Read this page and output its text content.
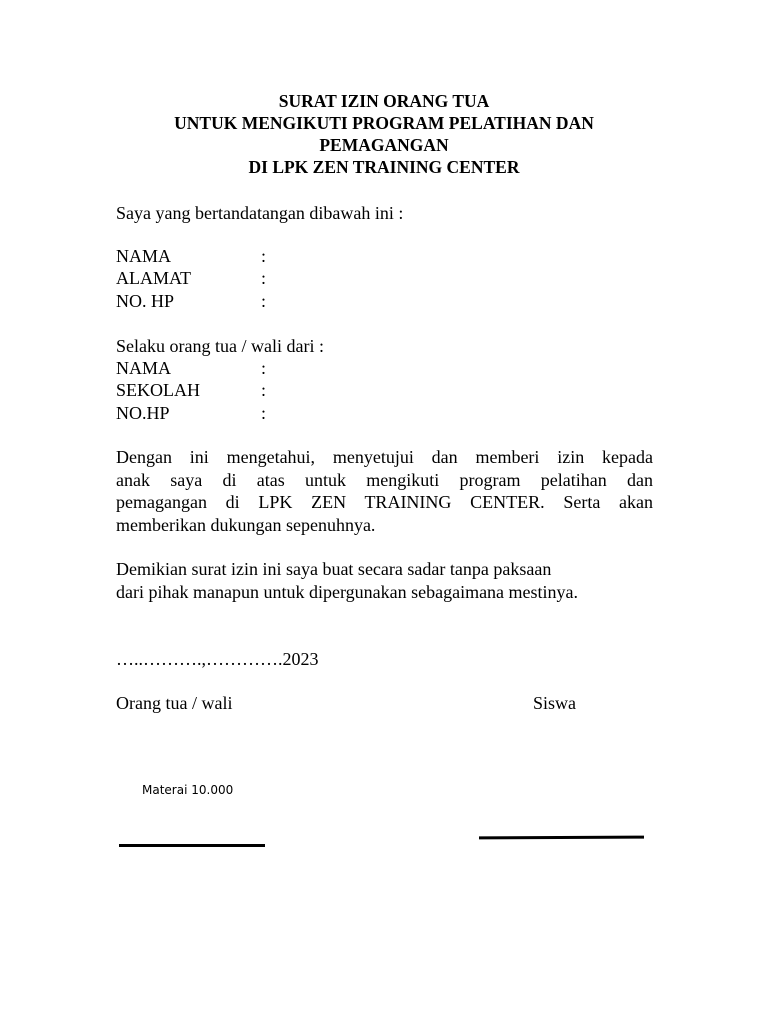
SURAT IZIN ORANG TUA
UNTUK MENGIKUTI PROGRAM PELATIHAN DAN
PEMAGANGAN
DI LPK ZEN TRAINING CENTER
Saya yang bertandatangan dibawah ini :
NAMA	:
ALAMAT	:
NO. HP	:
Selaku orang tua / wali dari :
NAMA	:
SEKOLAH	:
NO.HP	:
Dengan ini mengetahui, menyetujui dan memberi izin kepada
anak saya di atas untuk mengikuti program pelatihan dan
pemagangan di LPK ZEN TRAINING CENTER. Serta akan
memberikan dukungan sepenuhnya.
Demikian surat izin ini saya buat secara sadar tanpa paksaan
dari pihak manapun untuk dipergunakan sebagaimana mestinya.
…..……….,………….2023
Orang tua / wali	Siswa
Materai 10.000
